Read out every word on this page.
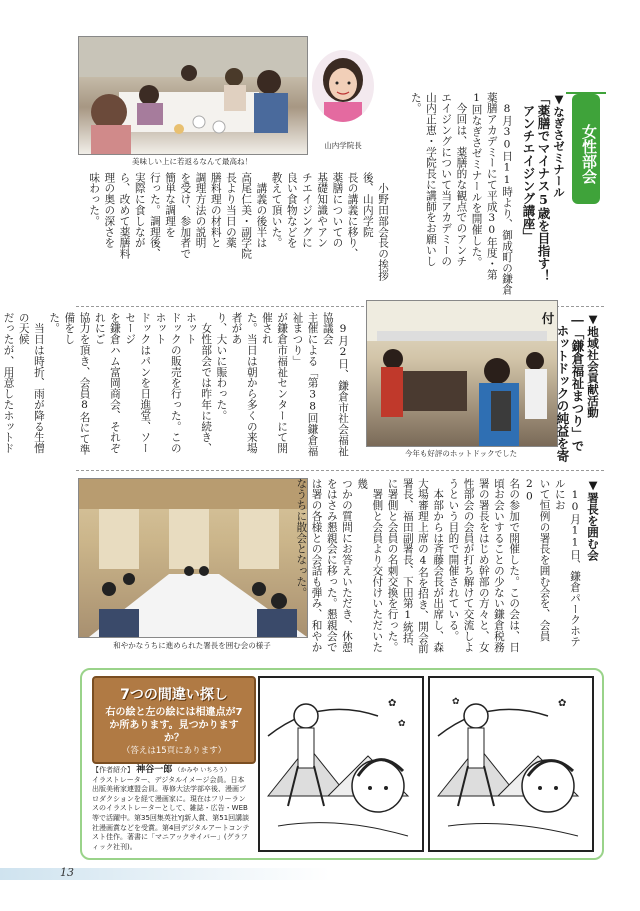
美味しい上に若返るなんて最高ね！
山内学院長	女性部会
▼なぎさゼミナール
「薬膳でマイナス5歳を目指す！
　アンチエイジング講座」

　8月30日11時より、御成町の鎌倉

薬膳アカデミーにて平成30年度・第

1回なぎさゼミナールを開催した。

　今回は、薬膳的な観点でのアンチ

エイジングについて当アカデミーの

山内正恵・学院長に講師をお願いし

た。

　小野田部会長の挨拶後、山内学院

長の講義に移り、

薬膳についての

基礎知識やアン

チエイジングに

良い食物などを

教えて頂いた。

　講義の後半は

高尾仁美・副学院

長より当日の薬

膳料理の材料と

調理方法の説明

を受け、参加者で

簡単な調理を

行った。調理後、

実際に食しなが

ら、改めて薬膳料

理の奥の深さを

味わった。

今年も好評のホットドックでした
▼地域社会貢献活動
―「鎌倉福祉まつり」で
　ホットドックの純益を寄付

　9月2日、鎌倉市社会福祉協議会

主催による「第38回鎌倉福祉まつり」

が鎌倉市福祉センターにて開催され

た。当日は朝から多くの来場者があ

り、大いに賑わった。

　女性部会では昨年に続き、ホット

ドックの販売を行った。このホット

ドックはパンを日進堂、ソーセージ

を鎌倉ハム富岡商会、それぞれにご

協力を頂き、会員8名にて準備をし

た。

　当日は時折、雨が降る生憎の天候

だったが、用意したホットド

和やかなうちに進められた署長を囲む会の様子
▼署長を囲む会

　10月11日、鎌倉パークホテルにお

いて恒例の署長を囲む会を、会員20

名の参加で開催した。この会は、日

頃お会いすることの少ない鎌倉税務

署の署長をはじめ幹部の方々と、女

性部会の会員が打ち解けて交流しよ

うという目的で開催されている。

　本部からは斉藤会長が出席し、森

大場審理上席の4名を招き、開会前

署長、福田副署長、下田第1統括、

に署側と会員の名刺交換を行った。

　署側と会員より交付けいただいた幾

つかの質問にお答えいただき、休憩

をはさみ懇親会に移った。懇親会で

は署の各様との会話も弾み、和やか

なうちに散会となった。

7つの間違い探し
右の絵と左の絵には相違点が7か所あります。見つかりますか？
（答えは15頁にあります）
【作者紹介】 神谷一郎 （かみや いちろう）
イラストレーター、デジタルイメージ会員。日本出版美術家連盟会員。専修大法学部卒後、漫画プロダクションを経て漫画家に。現在はフリーランスのイラストレーターとして、雑誌・広告・WEB等で活躍中。第35回集英社YJ新人賞、第51回講談社漫画賞などを受賞。第4回デジタルアートコンテスト佳作。著書に「マニアックサイバー」(グラフィック社刊)。
✿
✿
✿
✿
13
